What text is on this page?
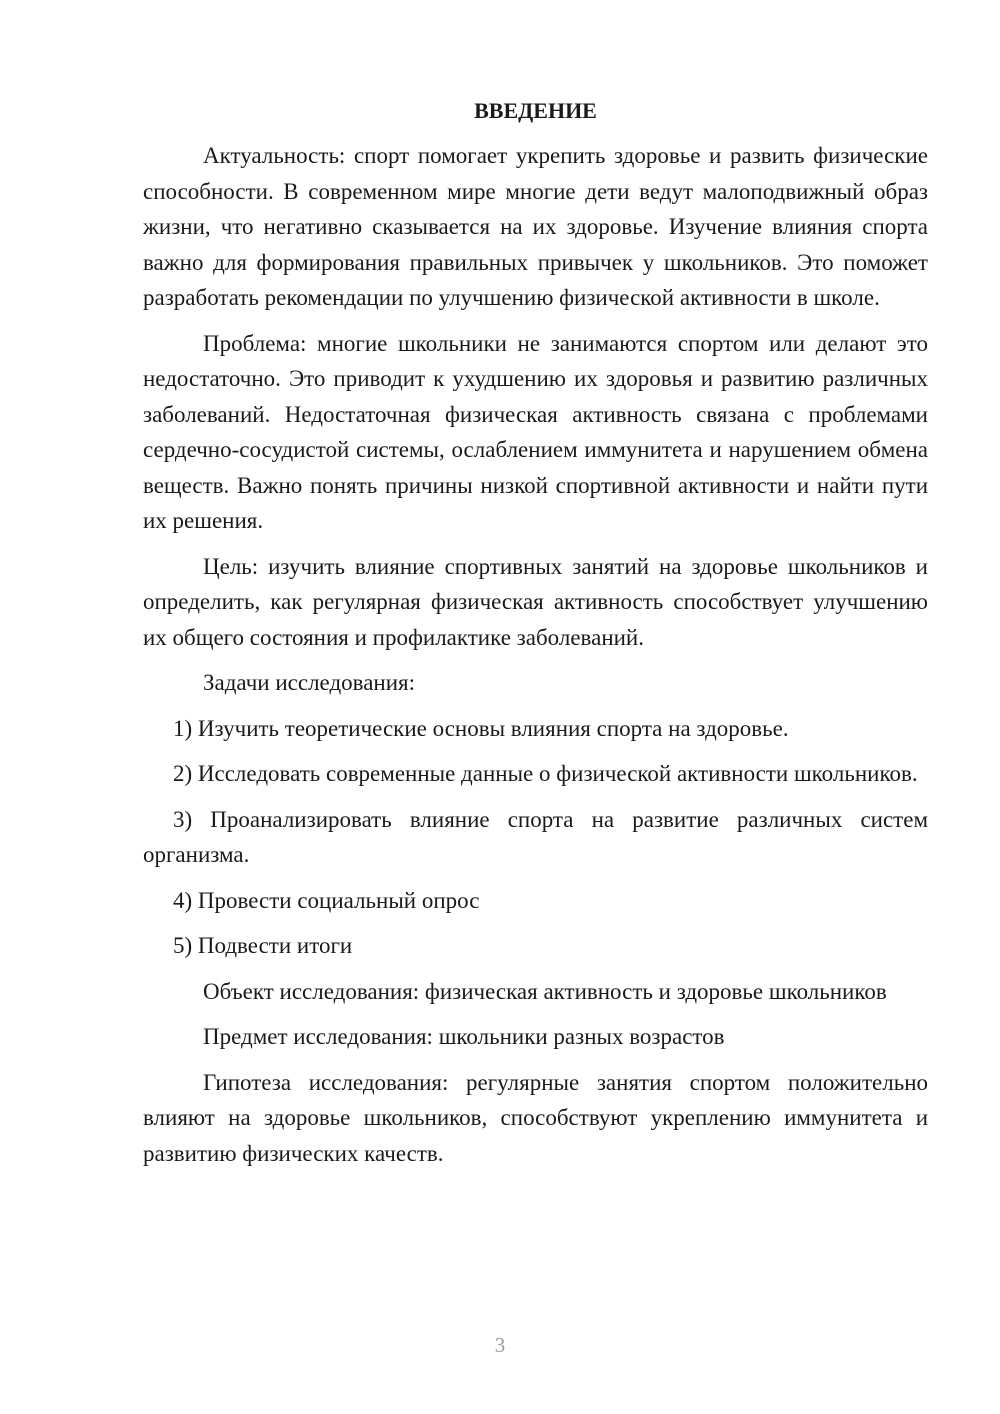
ВВЕДЕНИЕ

Актуальность: спорт помогает укрепить здоровье и развить физические способности. В современном мире многие дети ведут малоподвижный образ жизни, что негативно сказывается на их здоровье. Изучение влияния спорта важно для формирования правильных привычек у школьников. Это поможет разработать рекомендации по улучшению физической активности в школе.

Проблема: многие школьники не занимаются спортом или делают это недостаточно. Это приводит к ухудшению их здоровья и развитию различных заболеваний. Недостаточная физическая активность связана с проблемами сердечно-сосудистой системы, ослаблением иммунитета и нарушением обмена веществ. Важно понять причины низкой спортивной активности и найти пути их решения.

Цель: изучить влияние спортивных занятий на здоровье школьников и определить, как регулярная физическая активность способствует улучшению их общего состояния и профилактике заболеваний.

Задачи исследования:

1) Изучить теоретические основы влияния спорта на здоровье.

2) Исследовать современные данные о физической активности школьников.

3) Проанализировать влияние спорта на развитие различных систем организма.

4) Провести социальный опрос

5) Подвести итоги

Объект исследования: физическая активность и здоровье школьников

Предмет исследования: школьники разных возрастов

Гипотеза исследования: регулярные занятия спортом положительно влияют на здоровье школьников, способствуют укреплению иммунитета и развитию физических качеств.

3
